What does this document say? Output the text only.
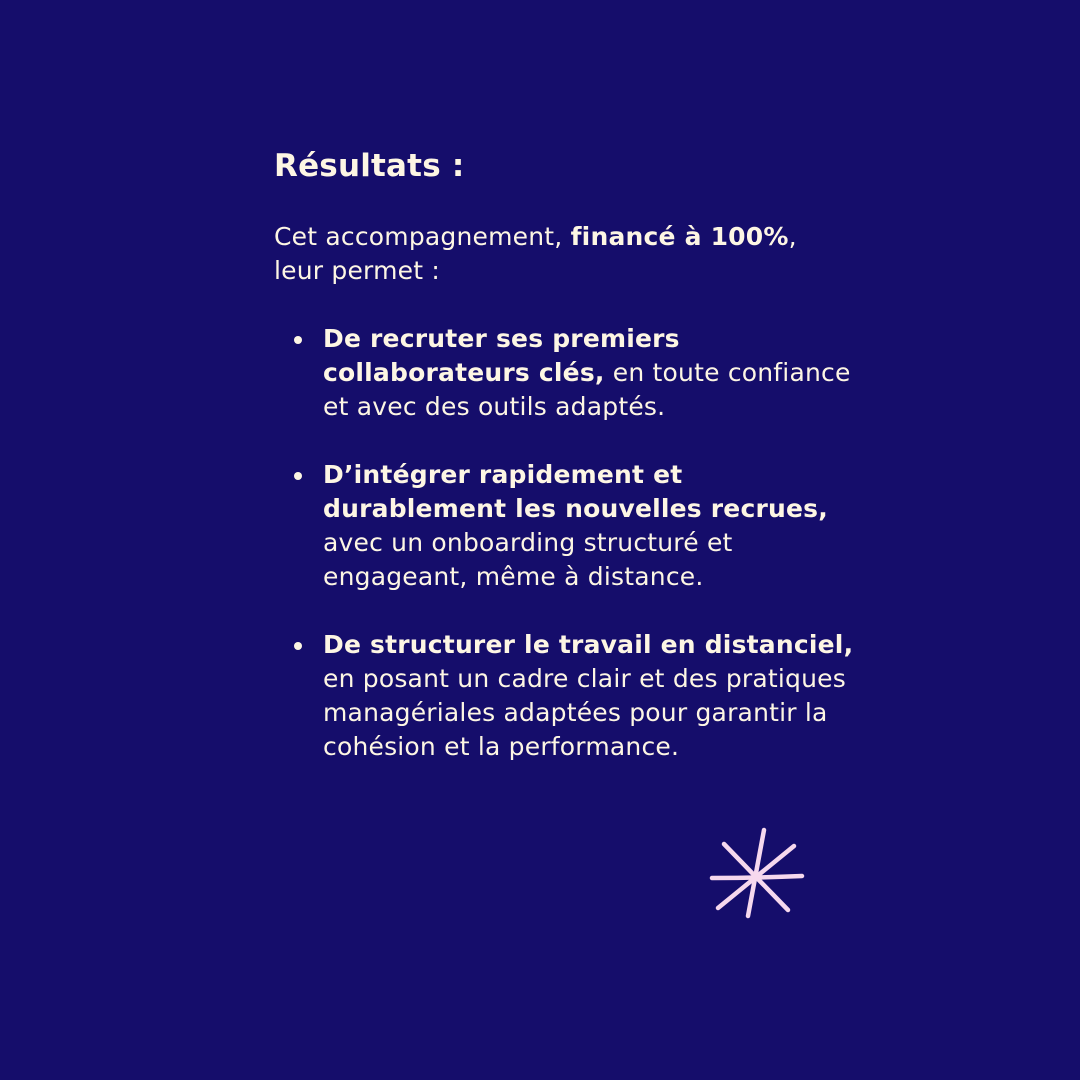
Résultats :

Cet accompagnement, financé à 100%, leur permet :

De recruter ses premiers collaborateurs clés, en toute confiance et avec des outils adaptés.
D’intégrer rapidement et durablement les nouvelles recrues, avec un onboarding structuré et engageant, même à distance.
De structurer le travail en distanciel, en posant un cadre clair et des pratiques managériales adaptées pour garantir la cohésion et la performance.
